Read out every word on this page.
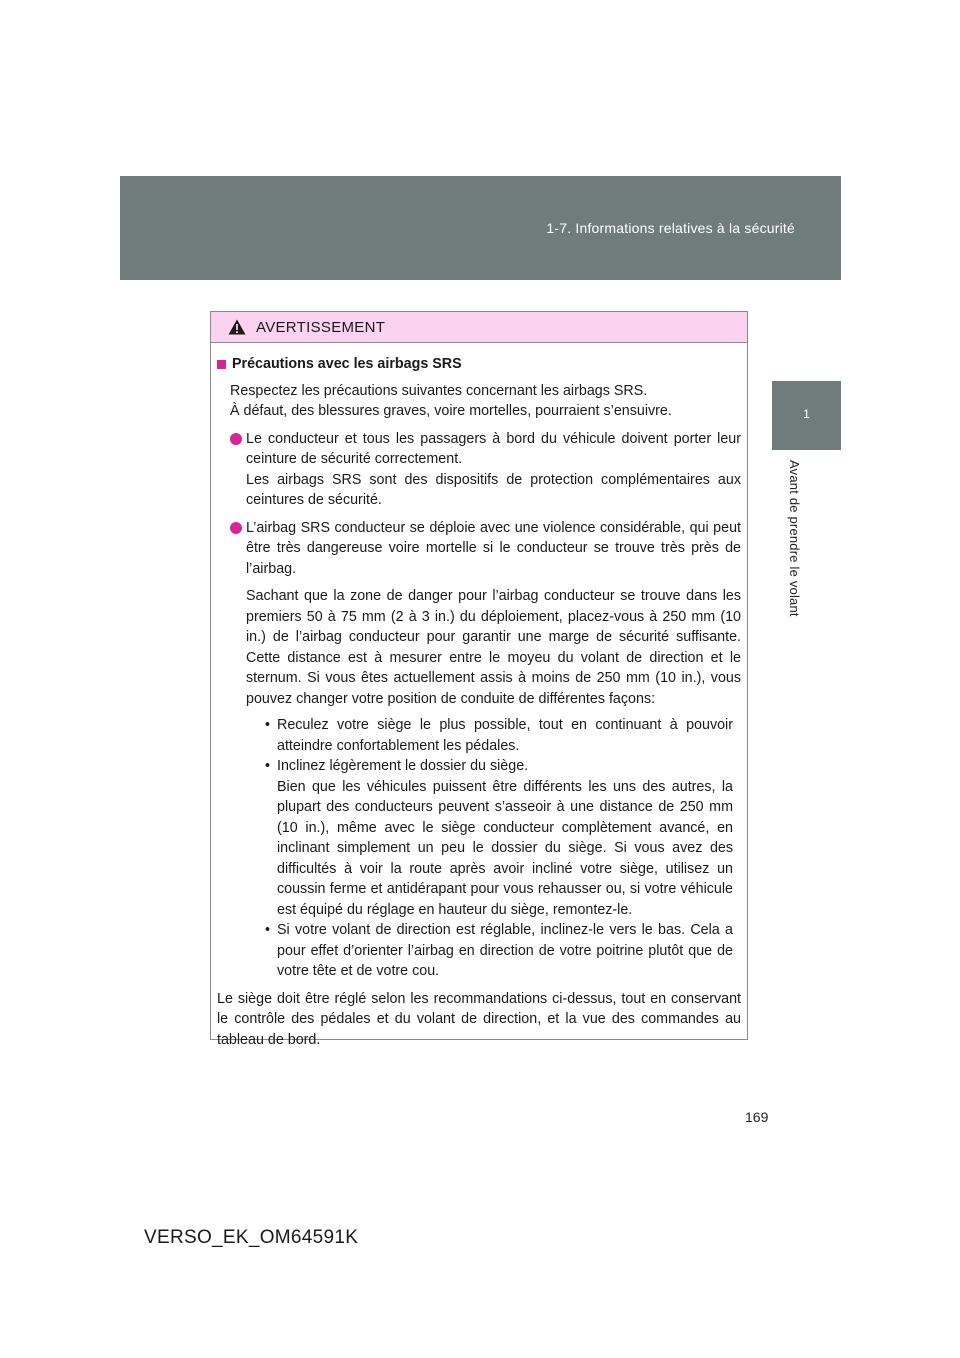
1-7. Informations relatives à la sécurité
1
Avant de prendre le volant
AVERTISSEMENT
Précautions avec les airbags SRS

Respectez les précautions suivantes concernant les airbags SRS.
À défaut, des blessures graves, voire mortelles, pourraient s’ensuivre.

Le conducteur et tous les passagers à bord du véhicule doivent porter leur ceinture de sécurité correctement.
Les airbags SRS sont des dispositifs de protection complémentaires aux ceintures de sécurité.
L’airbag SRS conducteur se déploie avec une violence considérable, qui peut être très dangereuse voire mortelle si le conducteur se trouve très près de l’airbag.
Sachant que la zone de danger pour l’airbag conducteur se trouve dans les premiers 50 à 75 mm (2 à 3 in.) du déploiement, placez-vous à 250 mm (10 in.) de l’airbag conducteur pour garantir une marge de sécurité suffisante. Cette distance est à mesurer entre le moyeu du volant de direction et le sternum. Si vous êtes actuellement assis à moins de 250 mm (10 in.), vous pouvez changer votre position de conduite de différentes façons:
• Reculez votre siège le plus possible, tout en continuant à pouvoir atteindre confortablement les pédales.
• Inclinez légèrement le dossier du siège.
Bien que les véhicules puissent être différents les uns des autres, la plupart des conducteurs peuvent s’asseoir à une distance de 250 mm (10 in.), même avec le siège conducteur complètement avancé, en inclinant simplement un peu le dossier du siège. Si vous avez des difficultés à voir la route après avoir incliné votre siège, utilisez un coussin ferme et antidérapant pour vous rehausser ou, si votre véhicule est équipé du réglage en hauteur du siège, remontez-le.
• Si votre volant de direction est réglable, inclinez-le vers le bas. Cela a pour effet d’orienter l’airbag en direction de votre poitrine plutôt que de votre tête et de votre cou.

Le siège doit être réglé selon les recommandations ci-dessus, tout en conservant le contrôle des pédales et du volant de direction, et la vue des commandes au tableau de bord.

169
VERSO_EK_OM64591K
